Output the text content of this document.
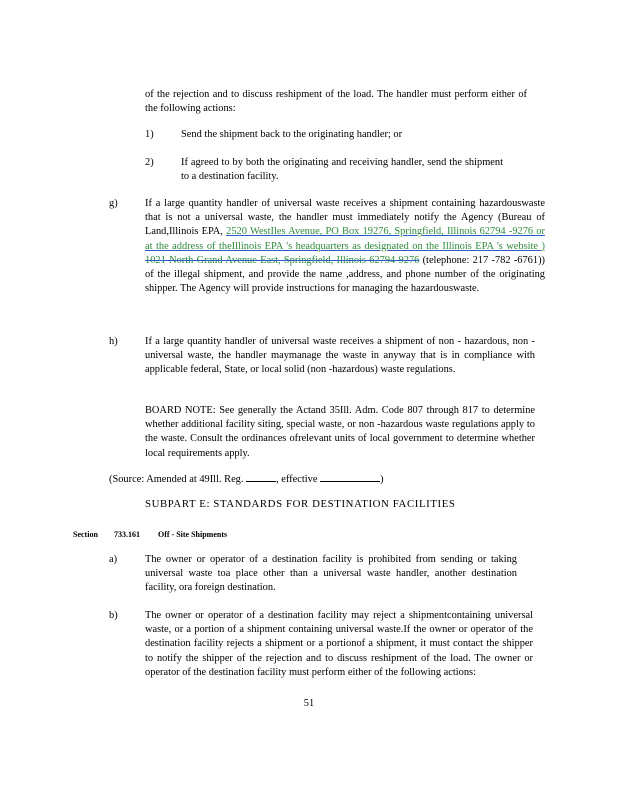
of the rejection and to discuss reshipment of the load. The handler must perform either of the following actions:
1)	Send the shipment back to the originating handler; or
2)	If agreed to by both the originating and receiving handler, send the shipment to a destination facility.
g)	If a large quantity handler of universal waste receives a shipment containing hazardouswaste that is not a universal waste, the handler must immediately notify the Agency (Bureau of Land,Illinois EPA, 2520 WestIles Avenue, PO Box 19276, Springfield, Illinois 62794 -9276 or at the address of theIllinois EPA 's headquarters as designated on the Illinois EPA 's website ) 1021 North Grand Avenue East, Springfield, Illinois 62794 9276 (telephone: 217 -782 -6761)) of the illegal shipment, and provide the name ,address, and phone number of the originating shipper. The Agency will provide instructions for managing the hazardouswaste.
h)	If a large quantity handler of universal waste receives a shipment of non - hazardous, non -universal waste, the handler maymanage the waste in anyway that is in compliance with applicable federal, State, or local solid (non -hazardous) waste regulations.
BOARD NOTE: See generally the Actand 35Ill. Adm. Code 807 through 817 to determine whether additional facility siting, special waste, or non -hazardous waste regulations apply to the waste. Consult the ordinances ofrelevant units of local government to determine whether local requirements apply.
(Source: Amended at 49Ill. Reg.	, effective	)
SUBPART E: STANDARDS FOR DESTINATION FACILITIES
Section 733.161 Off - Site Shipments
a)	The owner or operator of a destination facility is prohibited from sending or taking universal waste toa place other than a universal waste handler, another destination facility, ora foreign destination.
b)	The owner or operator of a destination facility may reject a shipmentcontaining universal waste, or a portion of a shipment containing universal waste.If the owner or operator of the destination facility rejects a shipment or a portionof a shipment, it must contact the shipper to notify the shipper of the rejection and to discuss reshipment of the load. The owner or operator of the destination facility must perform either of the following actions:
51
